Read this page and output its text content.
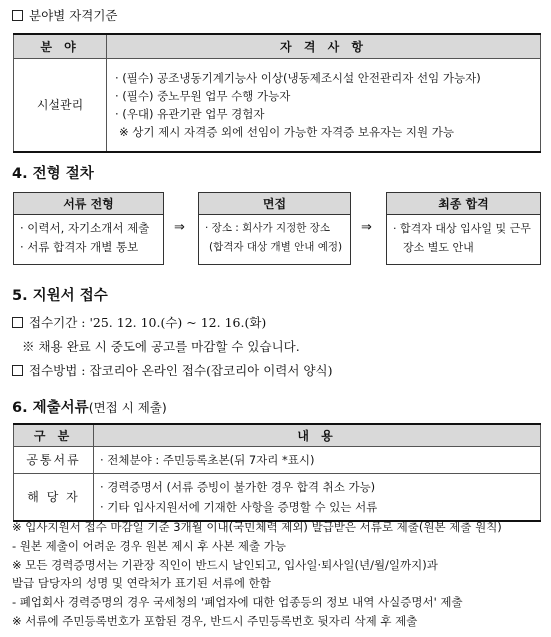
분야별 자격기준
분 야	자 격 사 항
시설관리	· (필수) 공조냉동기계기능사 이상(냉동제조시설 안전관리자 선임 가능자)
· (필수) 중노무원 업무 수행 가능자
· (우대) 유관기관 업무 경험자
※ 상기 제시 자격증 외에 선임이 가능한 자격증 보유자는 지원 가능
4. 전형 절차
서류 전형
· 이력서, 자기소개서 제출
· 서류 합격자 개별 통보
⇒
면접
· 장소 : 회사가 지정한 장소
(합격자 대상 개별 안내 예정)
⇒
최종 합격
· 합격자 대상 입사일 및 근무
장소 별도 안내
5. 지원서 접수
접수기간 : '25. 12. 10.(수) ~ 12. 16.(화)
※ 채용 완료 시 중도에 공고를 마감할 수 있습니다.
접수방법 : 잡코리아 온라인 접수(잡코리아 이력서 양식)
6. 제출서류(면접 시 제출)
구 분	내 용
공통서류	· 전체분야 : 주민등록초본(뒤 7자리 *표시)
해 당 자	· 경력증명서 (서류 증빙이 불가한 경우 합격 취소 가능)
· 기타 입사지원서에 기재한 사항을 증명할 수 있는 서류
※ 입사지원서 접수 마감일 기준 3개월 이내(국민체력 제외) 발급받은 서류로 제출(원본 제출 원칙)
- 원본 제출이 어려운 경우 원본 제시 후 사본 제출 가능
※ 모든 경력증명서는 기관장 직인이 반드시 날인되고, 입사일·퇴사일(년/월/일까지)과
발급 담당자의 성명 및 연락처가 표기된 서류에 한함
- 폐업회사 경력증명의 경우 국세청의 '폐업자에 대한 업종등의 정보 내역 사실증명서' 제출
※ 서류에 주민등록번호가 포함된 경우, 반드시 주민등록번호 뒷자리 삭제 후 제출
